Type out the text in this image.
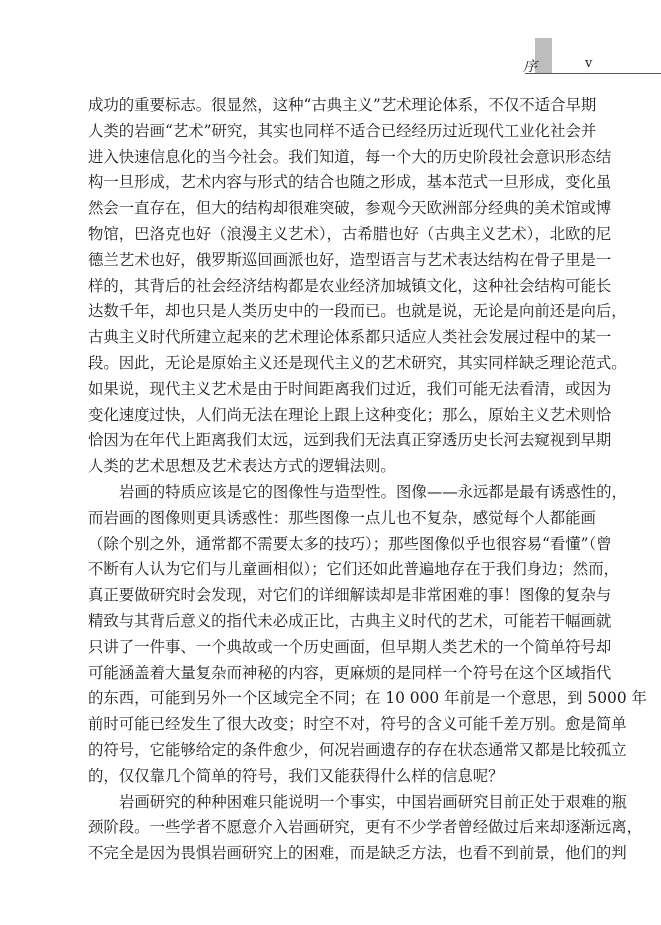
序	v
成功的重要标志。很显然，这种“古典主义”艺术理论体系，不仅不适合早期
人类的岩画“艺术”研究，其实也同样不适合已经经历过近现代工业化社会并
进入快速信息化的当今社会。我们知道，每一个大的历史阶段社会意识形态结
构一旦形成，艺术内容与形式的结合也随之形成，基本范式一旦形成，变化虽
然会一直存在，但大的结构却很难突破，参观今天欧洲部分经典的美术馆或博
物馆，巴洛克也好（浪漫主义艺术），古希腊也好（古典主义艺术），北欧的尼
德兰艺术也好，俄罗斯巡回画派也好，造型语言与艺术表达结构在骨子里是一
样的，其背后的社会经济结构都是农业经济加城镇文化，这种社会结构可能长
达数千年，却也只是人类历史中的一段而已。也就是说，无论是向前还是向后，
古典主义时代所建立起来的艺术理论体系都只适应人类社会发展过程中的某一
段。因此，无论是原始主义还是现代主义的艺术研究，其实同样缺乏理论范式。
如果说，现代主义艺术是由于时间距离我们过近，我们可能无法看清，或因为
变化速度过快，人们尚无法在理论上跟上这种变化；那么，原始主义艺术则恰
恰因为在年代上距离我们太远，远到我们无法真正穿透历史长河去窥视到早期
人类的艺术思想及艺术表达方式的逻辑法则。
岩画的特质应该是它的图像性与造型性。图像——永远都是最有诱惑性的，
而岩画的图像则更具诱惑性：那些图像一点儿也不复杂，感觉每个人都能画
（除个别之外，通常都不需要太多的技巧）；那些图像似乎也很容易“看懂”（曾
不断有人认为它们与儿童画相似）；它们还如此普遍地存在于我们身边；然而，
真正要做研究时会发现，对它们的详细解读却是非常困难的事！图像的复杂与
精致与其背后意义的指代未必成正比，古典主义时代的艺术，可能若干幅画就
只讲了一件事、一个典故或一个历史画面，但早期人类艺术的一个简单符号却
可能涵盖着大量复杂而神秘的内容，更麻烦的是同样一个符号在这个区域指代
的东西，可能到另外一个区域完全不同；在 10 000 年前是一个意思，到 5000 年
前时可能已经发生了很大改变；时空不对，符号的含义可能千差万别。愈是简单
的符号，它能够给定的条件愈少，何况岩画遗存的存在状态通常又都是比较孤立
的，仅仅靠几个简单的符号，我们又能获得什么样的信息呢？
岩画研究的种种困难只能说明一个事实，中国岩画研究目前正处于艰难的瓶
颈阶段。一些学者不愿意介入岩画研究，更有不少学者曾经做过后来却逐渐远离，
不完全是因为畏惧岩画研究上的困难，而是缺乏方法，也看不到前景，他们的判
